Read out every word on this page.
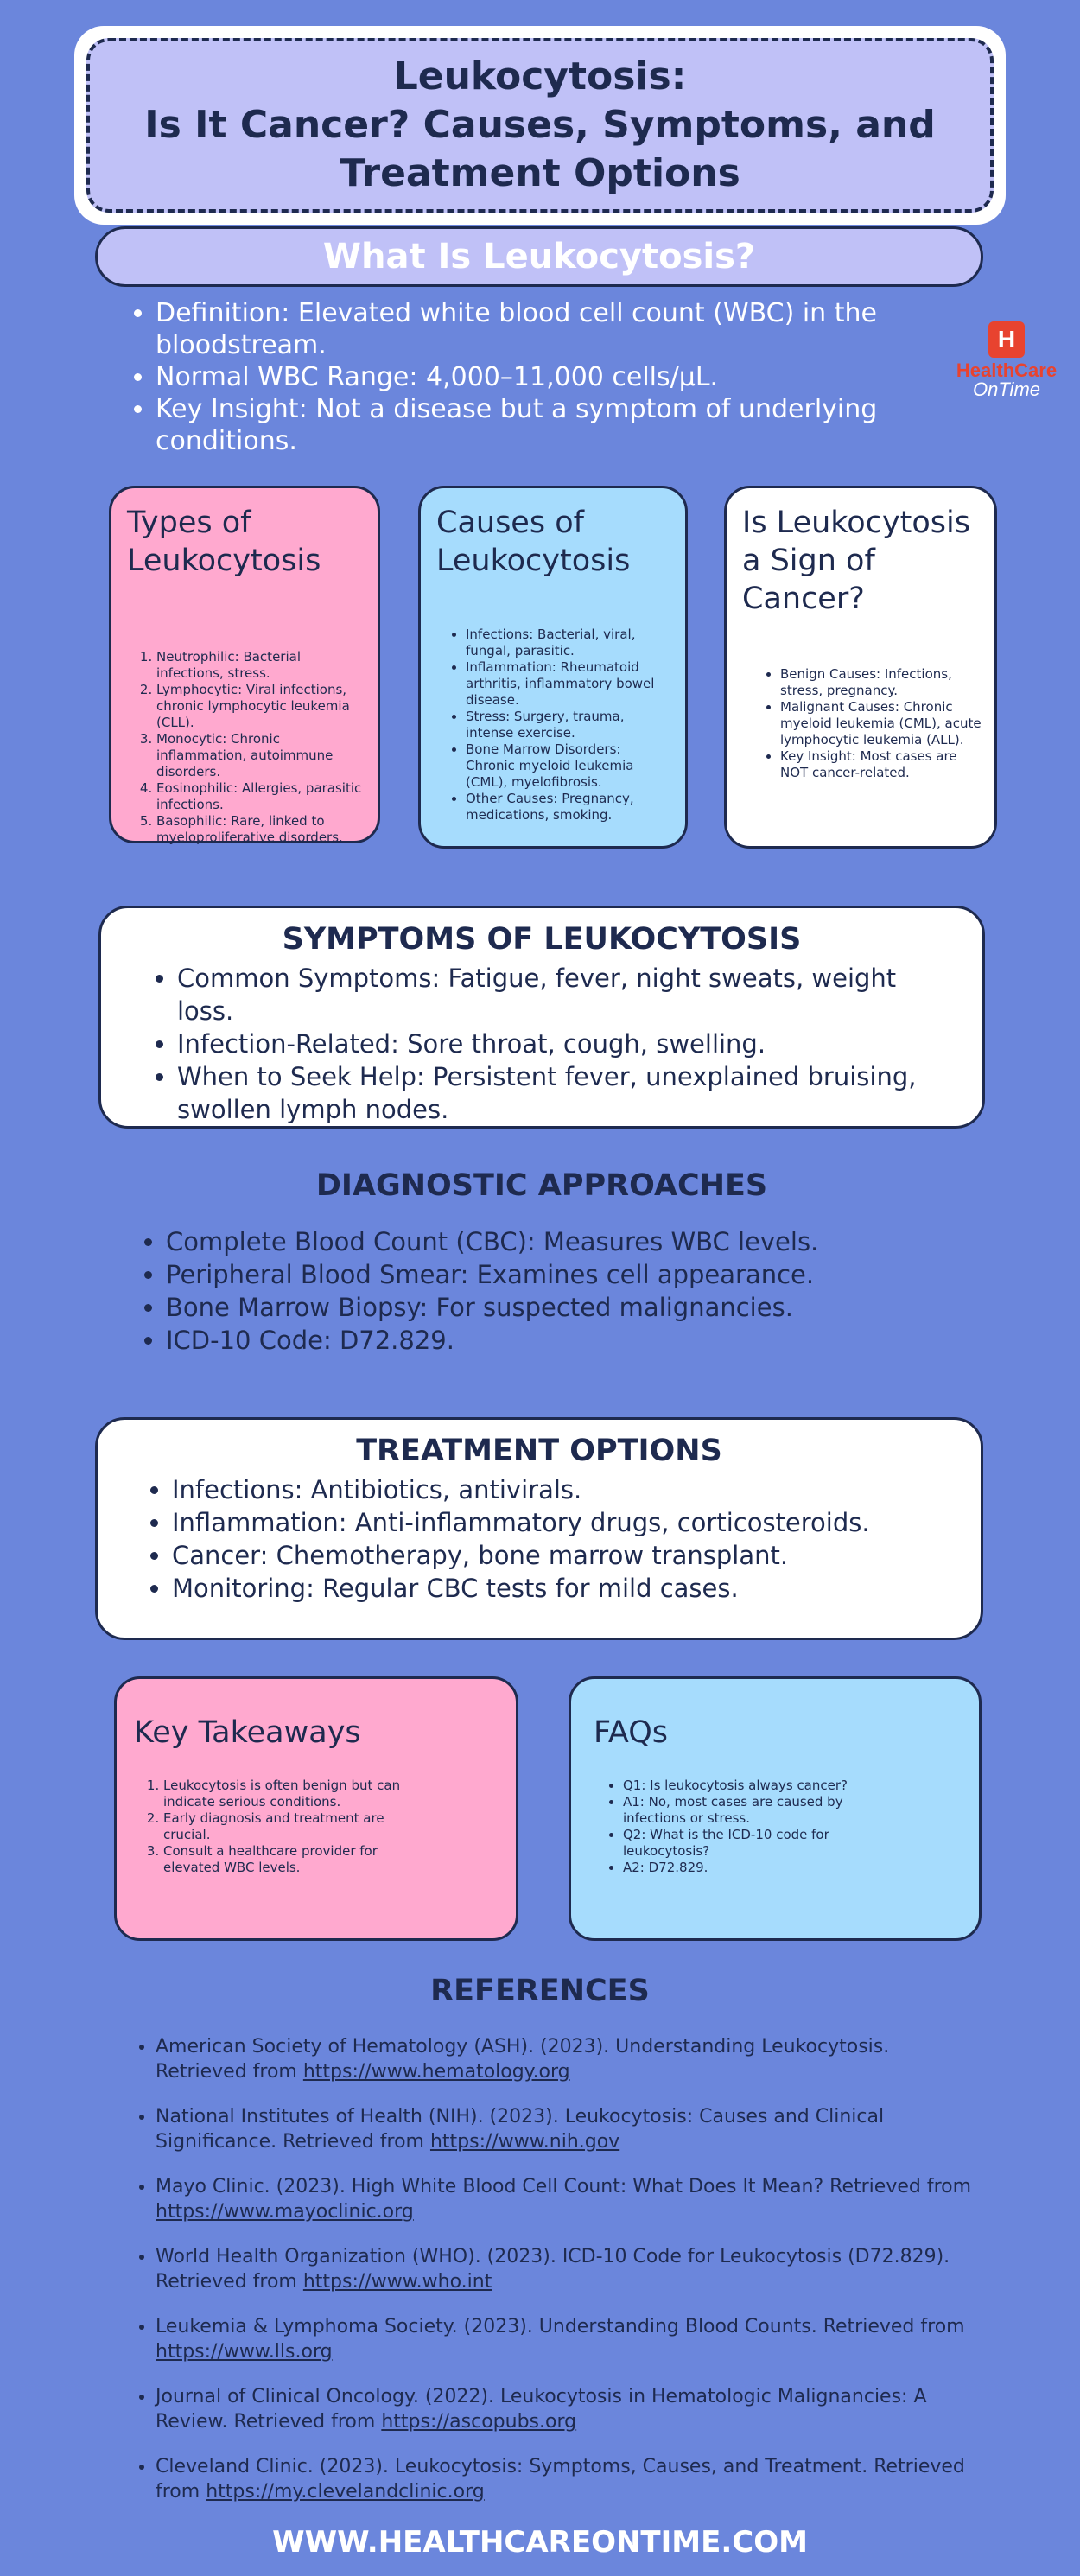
Leukocytosis:
Is It Cancer? Causes, Symptoms, and
Treatment Options
What Is Leukocytosis?
• Definition: Elevated white blood cell count (WBC) in the bloodstream.
• Normal WBC Range: 4,000–11,000 cells/µL.
• Key Insight: Not a disease but a symptom of underlying conditions.
H
HealthCare
OnTime
Types of Leukocytosis
1. Neutrophilic: Bacterial infections, stress.
2. Lymphocytic: Viral infections, chronic lymphocytic leukemia (CLL).
3. Monocytic: Chronic inflammation, autoimmune disorders.
4. Eosinophilic: Allergies, parasitic infections.
5. Basophilic: Rare, linked to myeloproliferative disorders.
Causes of Leukocytosis
• Infections: Bacterial, viral, fungal, parasitic.
• Inflammation: Rheumatoid arthritis, inflammatory bowel disease.
• Stress: Surgery, trauma, intense exercise.
• Bone Marrow Disorders: Chronic myeloid leukemia (CML), myelofibrosis.
• Other Causes: Pregnancy, medications, smoking.
Is Leukocytosis a Sign of Cancer?
• Benign Causes: Infections, stress, pregnancy.
• Malignant Causes: Chronic myeloid leukemia (CML), acute lymphocytic leukemia (ALL).
• Key Insight: Most cases are NOT cancer-related.
SYMPTOMS OF LEUKOCYTOSIS
• Common Symptoms: Fatigue, fever, night sweats, weight loss.
• Infection-Related: Sore throat, cough, swelling.
• When to Seek Help: Persistent fever, unexplained bruising, swollen lymph nodes.
DIAGNOSTIC APPROACHES
• Complete Blood Count (CBC): Measures WBC levels.
• Peripheral Blood Smear: Examines cell appearance.
• Bone Marrow Biopsy: For suspected malignancies.
• ICD-10 Code: D72.829.
TREATMENT OPTIONS
• Infections: Antibiotics, antivirals.
• Inflammation: Anti-inflammatory drugs, corticosteroids.
• Cancer: Chemotherapy, bone marrow transplant.
• Monitoring: Regular CBC tests for mild cases.
Key Takeaways
1. Leukocytosis is often benign but can indicate serious conditions.
2. Early diagnosis and treatment are crucial.
3. Consult a healthcare provider for elevated WBC levels.
FAQs
• Q1: Is leukocytosis always cancer?
• A1: No, most cases are caused by infections or stress.
• Q2: What is the ICD-10 code for leukocytosis?
• A2: D72.829.
REFERENCES
• American Society of Hematology (ASH). (2023). Understanding Leukocytosis. Retrieved from https://www.hematology.org
• National Institutes of Health (NIH). (2023). Leukocytosis: Causes and Clinical Significance. Retrieved from https://www.nih.gov
• Mayo Clinic. (2023). High White Blood Cell Count: What Does It Mean? Retrieved from https://www.mayoclinic.org
• World Health Organization (WHO). (2023). ICD-10 Code for Leukocytosis (D72.829). Retrieved from https://www.who.int
• Leukemia & Lymphoma Society. (2023). Understanding Blood Counts. Retrieved from https://www.lls.org
• Journal of Clinical Oncology. (2022). Leukocytosis in Hematologic Malignancies: A Review. Retrieved from https://ascopubs.org
• Cleveland Clinic. (2023). Leukocytosis: Symptoms, Causes, and Treatment. Retrieved from https://my.clevelandclinic.org
WWW.HEALTHCAREONTIME.COM
